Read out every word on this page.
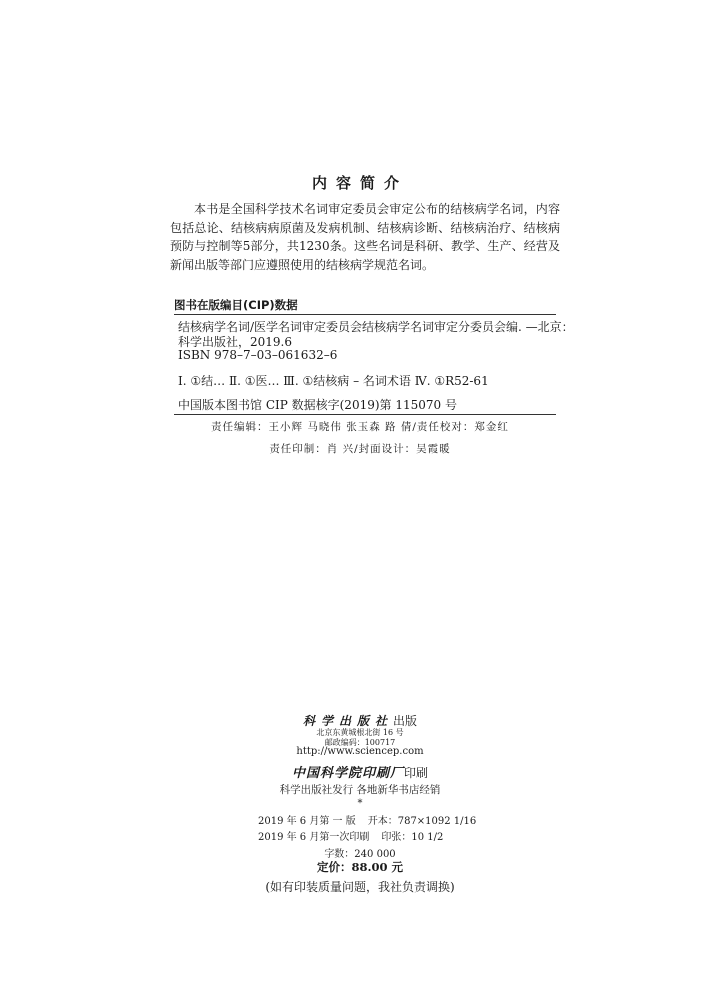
内容简介
本书是全国科学技术名词审定委员会审定公布的结核病学名词，内容包括总论、结核病病原菌及发病机制、结核病诊断、结核病治疗、结核病预防与控制等5部分，共1230条。这些名词是科研、教学、生产、经营及新闻出版等部门应遵照使用的结核病学规范名词。
图书在版编目(CIP)数据
结核病学名词/医学名词审定委员会结核病学名词审定分委员会编. —北京：
科学出版社，2019.6
ISBN 978–7–03–061632–6
Ⅰ. ①结… Ⅱ. ①医… Ⅲ. ①结核病 – 名词术语 Ⅳ. ①R52-61
中国版本图书馆 CIP 数据核字(2019)第 115070 号
责任编辑：王小辉 马晓伟 张玉森 路 倩/责任校对：郑金红
责任印制：肖 兴/封面设计：吴霞暖
科学出版社出版
北京东黄城根北街 16 号
邮政编码：100717
http://www.sciencep.com
中国科学院印刷厂印刷
科学出版社发行 各地新华书店经销
*
2019 年 6 月第 一 版 开本：787×1092 1/16
2019 年 6 月第一次印刷 印张：10 1/2
字数：240 000
定价：88.00 元
(如有印装质量问题，我社负责调换)
